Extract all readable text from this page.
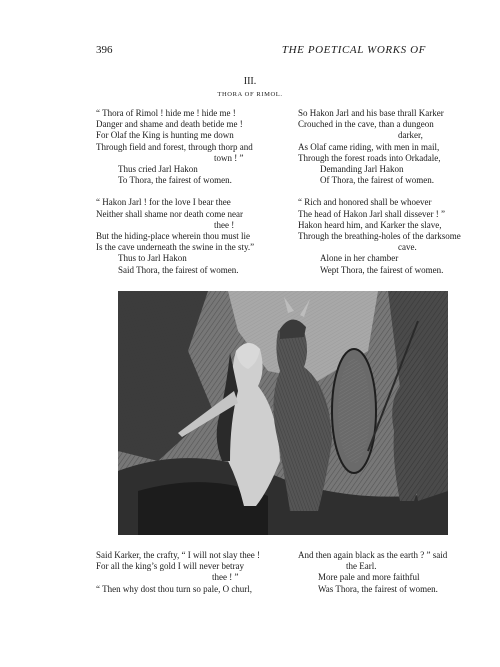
396	THE POETICAL WORKS OF
III.
THORA OF RIMOL.
“ Thora of Rimol ! hide me ! hide me !
Danger and shame and death betide me !
For Olaf the King is hunting me down
Through field and forest, through thorp and
town ! ”
Thus cried Jarl Hakon
To Thora, the fairest of women.
“ Hakon Jarl ! for the love I bear thee
Neither shall shame nor death come near
thee !
But the hiding-place wherein thou must lie
Is the cave underneath the swine in the sty.”
Thus to Jarl Hakon
Said Thora, the fairest of women.
So Hakon Jarl and his base thrall Karker
Crouched in the cave, than a dungeon
darker,
As Olaf came riding, with men in mail,
Through the forest roads into Orkadale,
Demanding Jarl Hakon
Of Thora, the fairest of women.
“ Rich and honored shall be whoever
The head of Hakon Jarl shall dissever ! ”
Hakon heard him, and Karker the slave,
Through the breathing-holes of the darksome
cave.
Alone in her chamber
Wept Thora, the fairest of women.
Said Karker, the crafty, “ I will not slay thee !
For all the king’s gold I will never betray
thee ! ”
“ Then why dost thou turn so pale, O churl,
And then again black as the earth ? ” said
the Earl.
More pale and more faithful
Was Thora, the fairest of women.
